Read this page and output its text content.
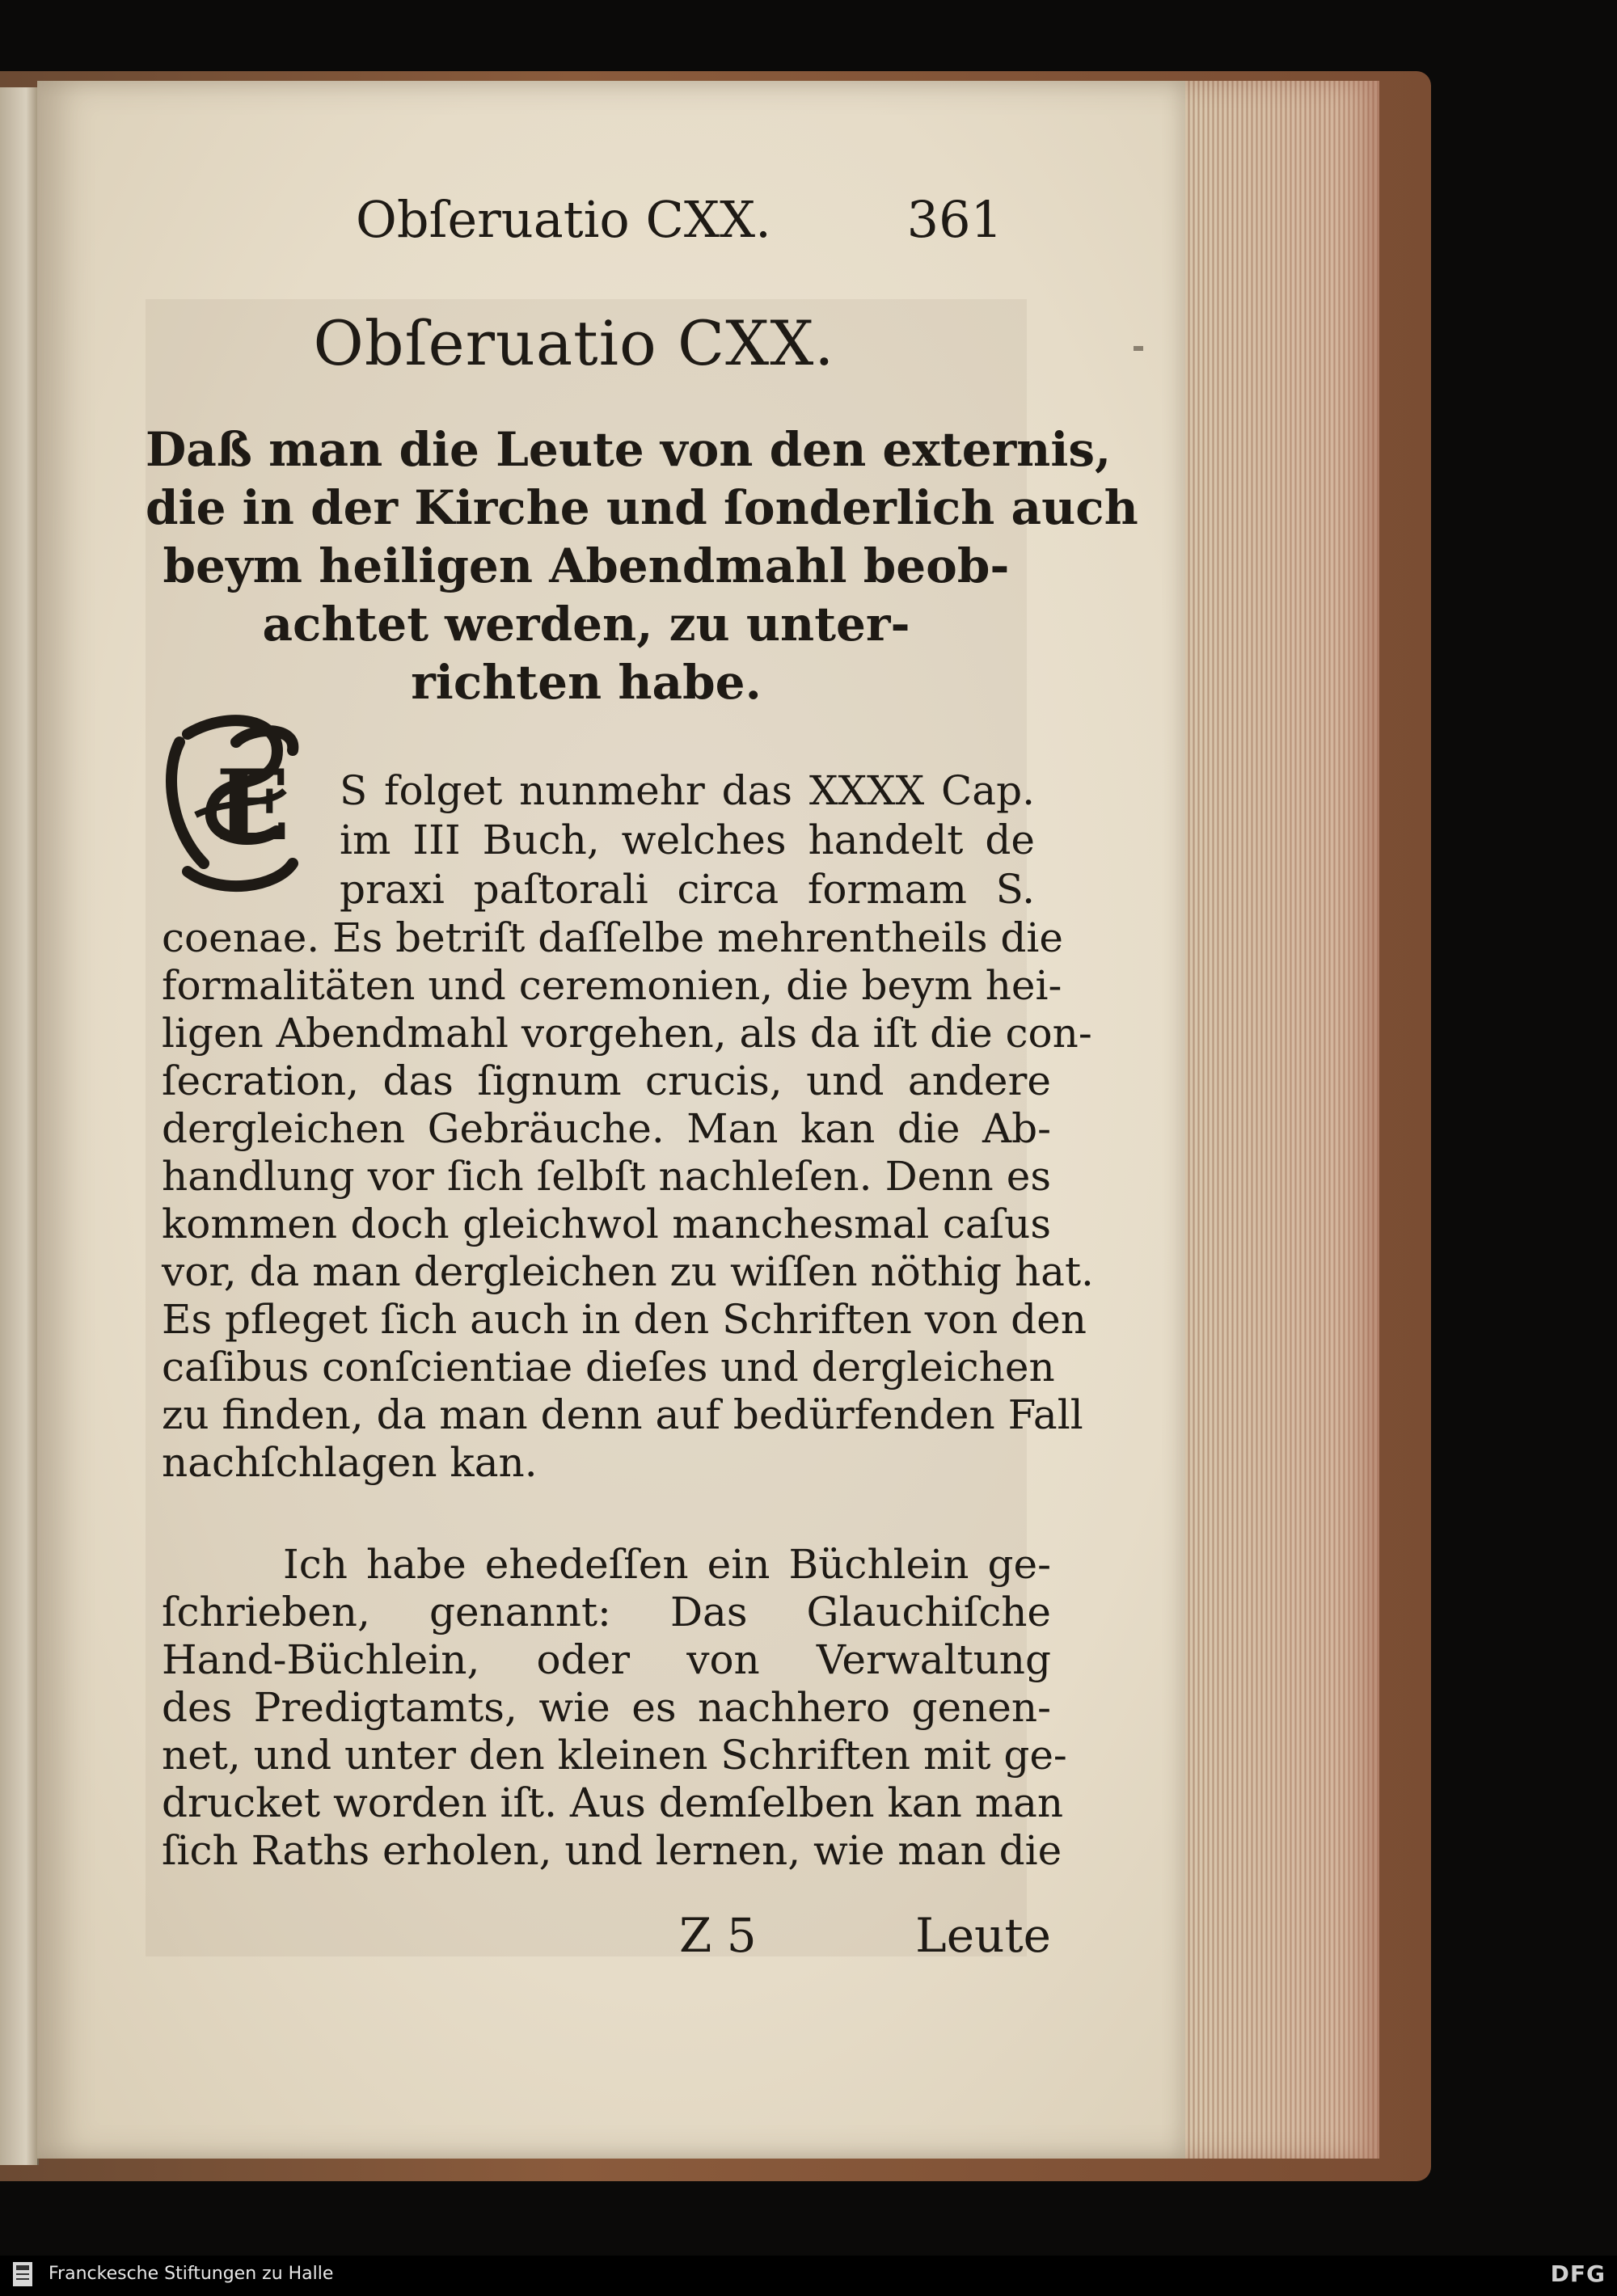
Obſeruatio CXX.	361
Obſeruatio CXX.
Daß man die Leute von den externis,
die in der Kirche und ſonderlich auch
beym heiligen Abendmahl beob-
achtet werden, zu unter-
richten habe.
E S folget nunmehr das XXXX Cap.
im III Buch, welches handelt de
praxi paſtorali circa formam S.
coenae. Es betriſt daſſelbe mehrentheils die
formalitäten und ceremonien, die beym hei-
ligen Abendmahl vorgehen, als da iſt die con-
ſecration, das ſignum crucis, und andere
dergleichen Gebräuche. Man kan die Ab-
handlung vor ſich ſelbſt nachleſen. Denn es
kommen doch gleichwol manchesmal caſus
vor, da man dergleichen zu wiſſen nöthig hat.
Es pfleget ſich auch in den Schriften von den
caſibus conſcientiae dieſes und dergleichen
zu finden, da man denn auf bedürfenden Fall
nachſchlagen kan.
Ich habe ehedeſſen ein Büchlein ge-
ſchrieben, genannt: Das Glauchiſche
Hand-Büchlein, oder von Verwaltung
des Predigtamts, wie es nachhero genen-
net, und unter den kleinen Schriften mit ge-
drucket worden iſt. Aus demſelben kan man
ſich Raths erholen, und lernen, wie man die
Z 5	Leute
Franckesche Stiftungen zu Halle	DFG
